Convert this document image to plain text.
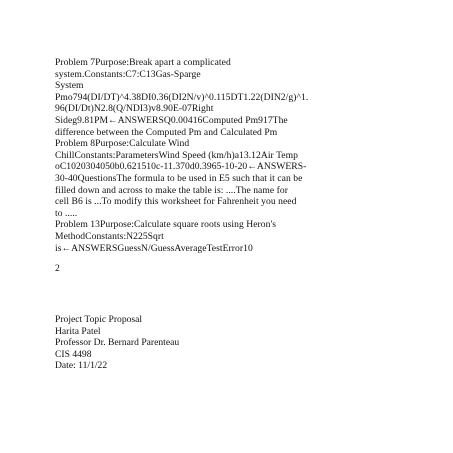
Problem 7Purpose:Break apart a complicated
system.Constants:C7:C13Gas-Sparge
System
Pmo794(DI/DT)^4.38DI0.36(DI2N/v)^0.115DT1.22(DIN2/g)^1.
96(DI/Dt)N2.8(Q/NDI3)v8.90E-07Right
Sideg9.81PM←ANSWERSQ0.00416Computed Pm917The
difference between the Computed Pm and Calculated Pm
Problem 8Purpose:Calculate Wind
ChillConstants:ParametersWind Speed (km/h)a13.12Air Temp
oC1020304050b0.621510c-11.370d0.3965-10-20←ANSWERS-
30-40QuestionsThe formula to be used in E5 such that it can be
filled down and across to make the table is: ....The name for
cell B6 is ...To modify this worksheet for Fahrenheit you need
to .....
Problem 13Purpose:Calculate square roots using Heron's
MethodConstants:N225Sqrt
is←ANSWERSGuessN/GuessAverageTestError10
2
Project Topic Proposal
Harita Patel
Professor Dr. Bernard Parenteau
CIS 4498
Date: 11/1/22
